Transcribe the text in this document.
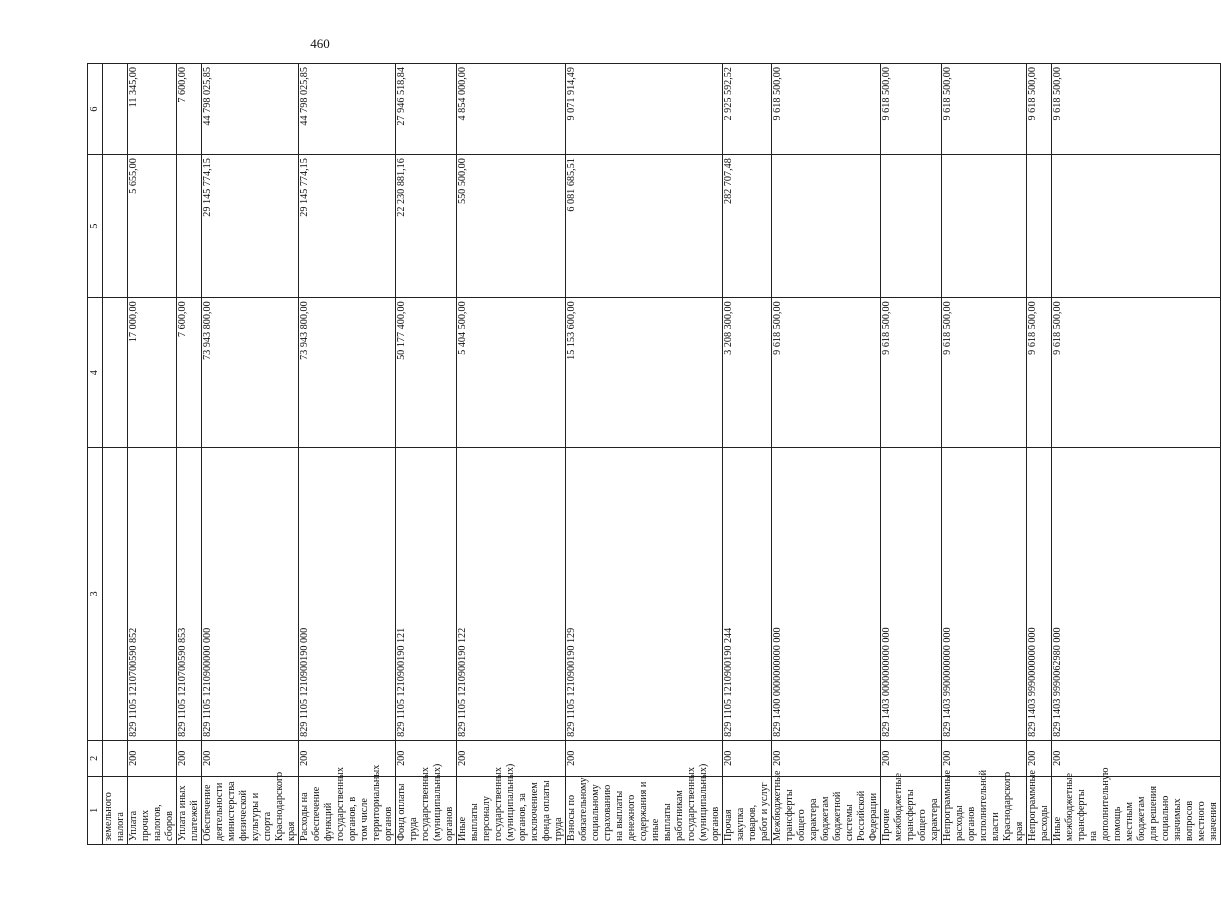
460
1	2	3	4	5	6
земельного налога					
Уплата прочих налогов, сборов	200	829 1105 1210700590 852	17 000,00	5 655,00	11 345,00
Уплата иных платежей	200	829 1105 1210700590 853	7 600,00		7 600,00
Обеспечение деятельности министерства физической культуры и спорта Краснодарского края	200	829 1105 1210900000 000	73 943 800,00	29 145 774,15	44 798 025,85
Расходы на обеспечение функций государственных органов, в том числе территориальных органов	200	829 1105 1210900190 000	73 943 800,00	29 145 774,15	44 798 025,85
Фонд оплаты труда государственных (муниципальных) органов	200	829 1105 1210900190 121	50 177 400,00	22 230 881,16	27 946 518,84
Иные выплаты персоналу государственных (муниципальных) органов, за исключением фонда оплаты труда	200	829 1105 1210900190 122	5 404 500,00	550 500,00	4 854 000,00
Взносы по обязательному социальному страхованию на выплаты денежного содержания и иные выплаты работникам государственных (муниципальных) органов	200	829 1105 1210900190 129	15 153 600,00	6 081 685,51	9 071 914,49
Прочая закупка товаров, работ и услуг	200	829 1105 1210900190 244	3 208 300,00	282 707,48	2 925 592,52
Межбюджетные трансферты общего характера бюджетам бюджетной системы Российской Федерации	200	829 1400 0000000000 000	9 618 500,00		9 618 500,00
Прочие межбюджетные трансферты общего характера	200	829 1403 0000000000 000	9 618 500,00		9 618 500,00
Непрограммные расходы органов исполнительной власти Краснодарского края	200	829 1403 9900000000 000	9 618 500,00		9 618 500,00
Непрограммные расходы	200	829 1403 9990000000 000	9 618 500,00		9 618 500,00
Иные межбюджетные трансферты на дополнительную помощь местным бюджетам для решения социально значимых вопросов местного значения	200	829 1403 9990062980 000	9 618 500,00		9 618 500,00
